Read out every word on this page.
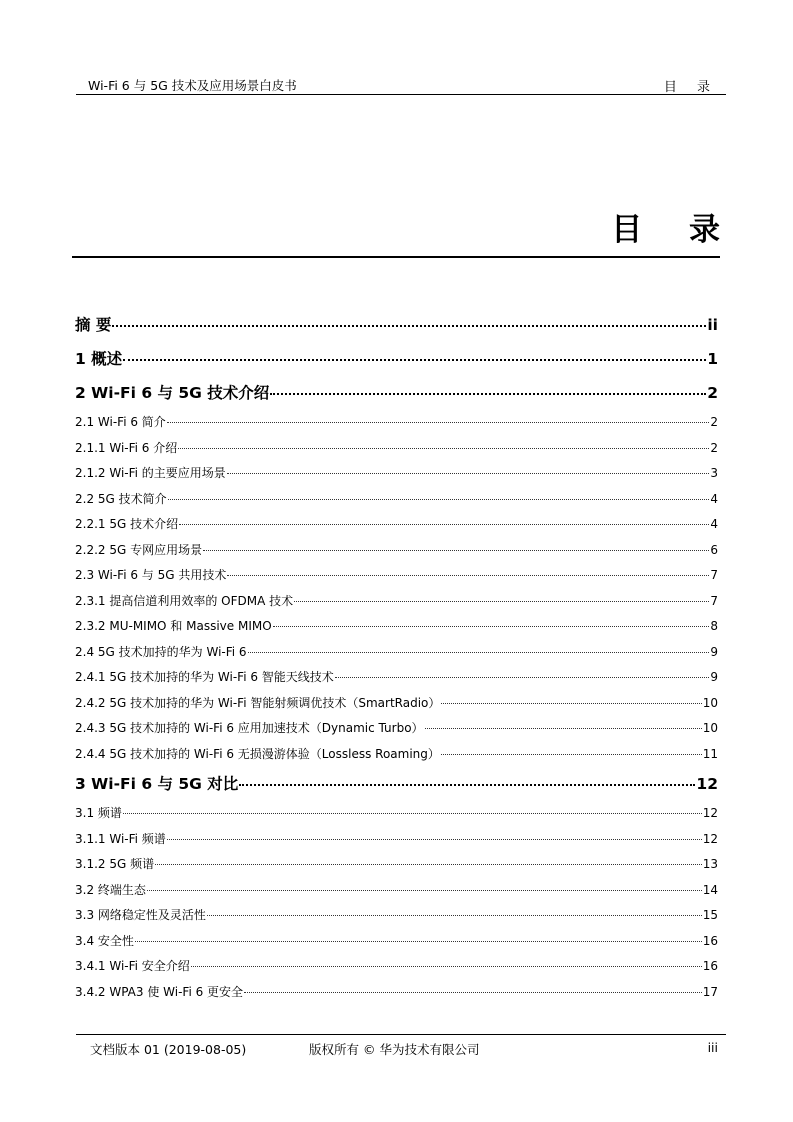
Wi-Fi 6 与 5G 技术及应用场景白皮书	目 录
目 录
摘 要	ii
1 概述	1
2 Wi-Fi 6 与 5G 技术介绍	2
2.1 Wi-Fi 6 简介	2
2.1.1 Wi-Fi 6 介绍	2
2.1.2 Wi-Fi 的主要应用场景	3
2.2 5G 技术简介	4
2.2.1 5G 技术介绍	4
2.2.2 5G 专网应用场景	6
2.3 Wi-Fi 6 与 5G 共用技术	7
2.3.1 提高信道利用效率的 OFDMA 技术	7
2.3.2 MU-MIMO 和 Massive MIMO	8
2.4 5G 技术加持的华为 Wi-Fi 6	9
2.4.1 5G 技术加持的华为 Wi-Fi 6 智能天线技术	9
2.4.2 5G 技术加持的华为 Wi-Fi 智能射频调优技术（SmartRadio）	10
2.4.3 5G 技术加持的 Wi-Fi 6 应用加速技术（Dynamic Turbo）	10
2.4.4 5G 技术加持的 Wi-Fi 6 无损漫游体验（Lossless Roaming）	11
3 Wi-Fi 6 与 5G 对比	12
3.1 频谱	12
3.1.1 Wi-Fi 频谱	12
3.1.2 5G 频谱	13
3.2 终端生态	14
3.3 网络稳定性及灵活性	15
3.4 安全性	16
3.4.1 Wi-Fi 安全介绍	16
3.4.2 WPA3 使 Wi-Fi 6 更安全	17
文档版本 01 (2019-08-05)	版权所有 © 华为技术有限公司	iii
